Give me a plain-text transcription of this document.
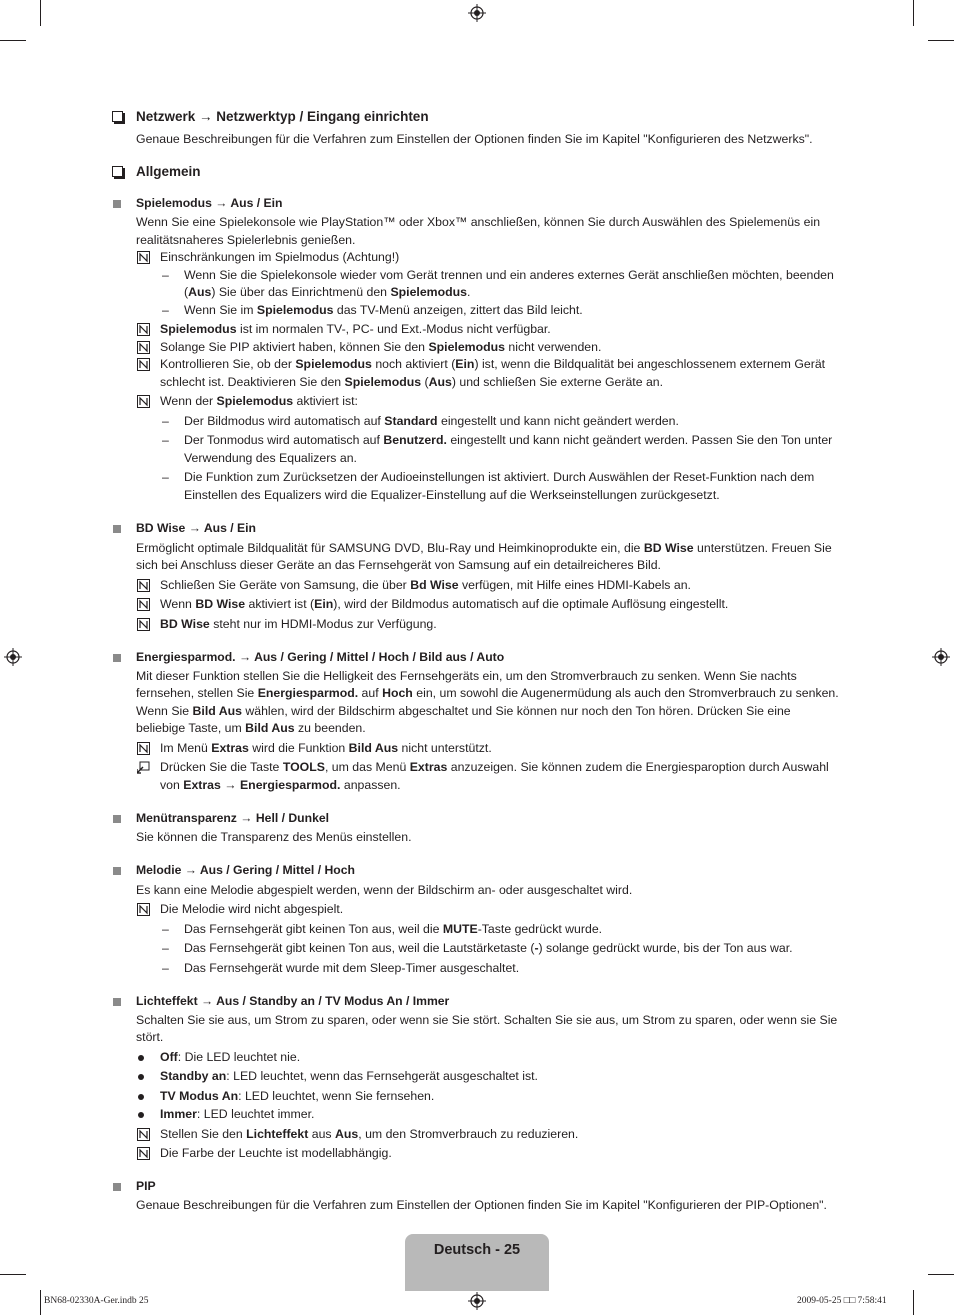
Netzwerk → Netzwerktyp / Eingang einrichten
Genaue Beschreibungen für die Verfahren zum Einstellen der Optionen finden Sie im Kapitel "Konfigurieren des Netzwerks".
Allgemein
Spielemodus → Aus / Ein
Wenn Sie eine Spielekonsole wie PlayStation™ oder Xbox™ anschließen, können Sie durch Auswählen des Spielemenüs ein realitätsnaheres Spielerlebnis genießen.
Einschränkungen im Spielmodus (Achtung!)
– Wenn Sie die Spielekonsole wieder vom Gerät trennen und ein anderes externes Gerät anschließen möchten, beenden (Aus) Sie über das Einrichtmenü den Spielemodus.
– Wenn Sie im Spielemodus das TV-Menü anzeigen, zittert das Bild leicht.
Spielemodus ist im normalen TV-, PC- und Ext.-Modus nicht verfügbar.
Solange Sie PIP aktiviert haben, können Sie den Spielemodus nicht verwenden.
Kontrollieren Sie, ob der Spielemodus noch aktiviert (Ein) ist, wenn die Bildqualität bei angeschlossenem externem Gerät schlecht ist. Deaktivieren Sie den Spielemodus (Aus) und schließen Sie externe Geräte an.
Wenn der Spielemodus aktiviert ist:
– Der Bildmodus wird automatisch auf Standard eingestellt und kann nicht geändert werden.
– Der Tonmodus wird automatisch auf Benutzerd. eingestellt und kann nicht geändert werden. Passen Sie den Ton unter Verwendung des Equalizers an.
– Die Funktion zum Zurücksetzen der Audioeinstellungen ist aktiviert. Durch Auswählen der Reset-Funktion nach dem Einstellen des Equalizers wird die Equalizer-Einstellung auf die Werkseinstellungen zurückgesetzt.
BD Wise → Aus / Ein
Ermöglicht optimale Bildqualität für SAMSUNG DVD, Blu-Ray und Heimkinoprodukte ein, die BD Wise unterstützen. Freuen Sie sich bei Anschluss dieser Geräte an das Fernsehgerät von Samsung auf ein detailreicheres Bild.
Schließen Sie Geräte von Samsung, die über Bd Wise verfügen, mit Hilfe eines HDMI-Kabels an.
Wenn BD Wise aktiviert ist (Ein), wird der Bildmodus automatisch auf die optimale Auflösung eingestellt.
BD Wise steht nur im HDMI-Modus zur Verfügung.
Energiesparmod. → Aus / Gering / Mittel / Hoch / Bild aus / Auto
Mit dieser Funktion stellen Sie die Helligkeit des Fernsehgeräts ein, um den Stromverbrauch zu senken. Wenn Sie nachts fernsehen, stellen Sie Energiesparmod. auf Hoch ein, um sowohl die Augenermüdung als auch den Stromverbrauch zu senken. Wenn Sie Bild Aus wählen, wird der Bildschirm abgeschaltet und Sie können nur noch den Ton hören. Drücken Sie eine beliebige Taste, um Bild Aus zu beenden.
Im Menü Extras wird die Funktion Bild Aus nicht unterstützt.
Drücken Sie die Taste TOOLS, um das Menü Extras anzuzeigen. Sie können zudem die Energiesparoption durch Auswahl von Extras → Energiesparmod. anpassen.
Menütransparenz → Hell / Dunkel
Sie können die Transparenz des Menüs einstellen.
Melodie → Aus / Gering / Mittel / Hoch
Es kann eine Melodie abgespielt werden, wenn der Bildschirm an- oder ausgeschaltet wird.
Die Melodie wird nicht abgespielt.
– Das Fernsehgerät gibt keinen Ton aus, weil die MUTE-Taste gedrückt wurde.
– Das Fernsehgerät gibt keinen Ton aus, weil die Lautstärketaste (-) solange gedrückt wurde, bis der Ton aus war.
– Das Fernsehgerät wurde mit dem Sleep-Timer ausgeschaltet.
Lichteffekt → Aus / Standby an / TV Modus An / Immer
Schalten Sie sie aus, um Strom zu sparen, oder wenn sie Sie stört. Schalten Sie sie aus, um Strom zu sparen, oder wenn sie Sie stört.
Off: Die LED leuchtet nie.
Standby an: LED leuchtet, wenn das Fernsehgerät ausgeschaltet ist.
TV Modus An: LED leuchtet, wenn Sie fernsehen.
Immer: LED leuchtet immer.
Stellen Sie den Lichteffekt aus Aus, um den Stromverbrauch zu reduzieren.
Die Farbe der Leuchte ist modellabhängig.
PIP
Genaue Beschreibungen für die Verfahren zum Einstellen der Optionen finden Sie im Kapitel "Konfigurieren der PIP-Optionen".
Deutsch - 25
BN68-02330A-Ger.indb 25	2009-05-25 □□ 7:58:41
